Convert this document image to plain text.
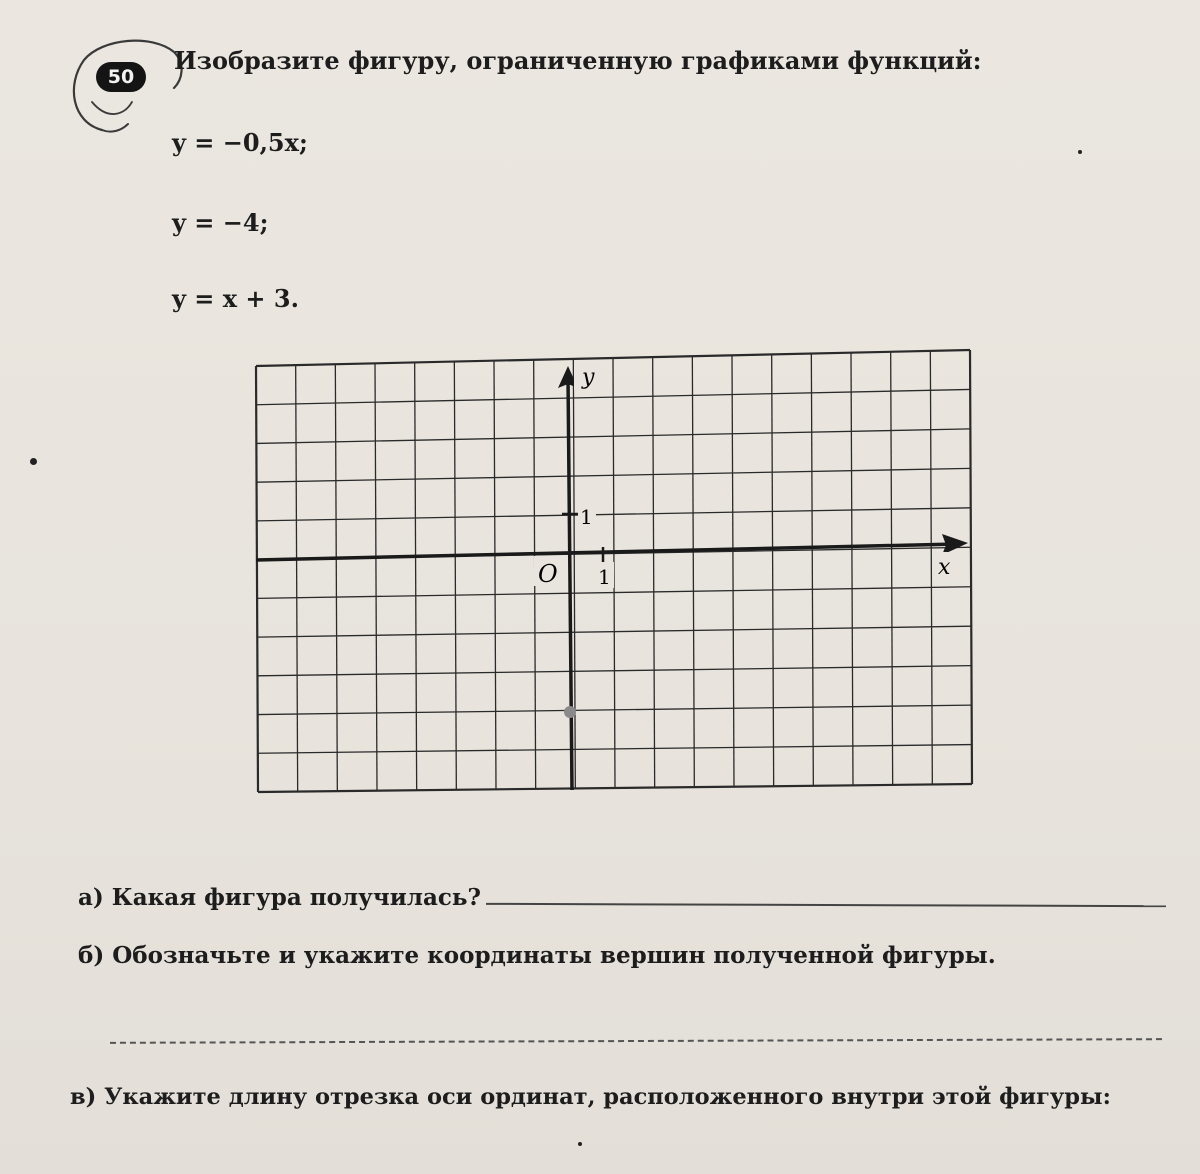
50
Изобразите фигуру, ограниченную графиками функций:
y = −0,5x;
y = −4;
y = x + 3.
y
1
O 1	x
а) Какая фигура получилась?
б) Обозначьте и укажите координаты вершин полученной фигуры.
в) Укажите длину отрезка оси ординат, расположенного внутри этой фигуры:
